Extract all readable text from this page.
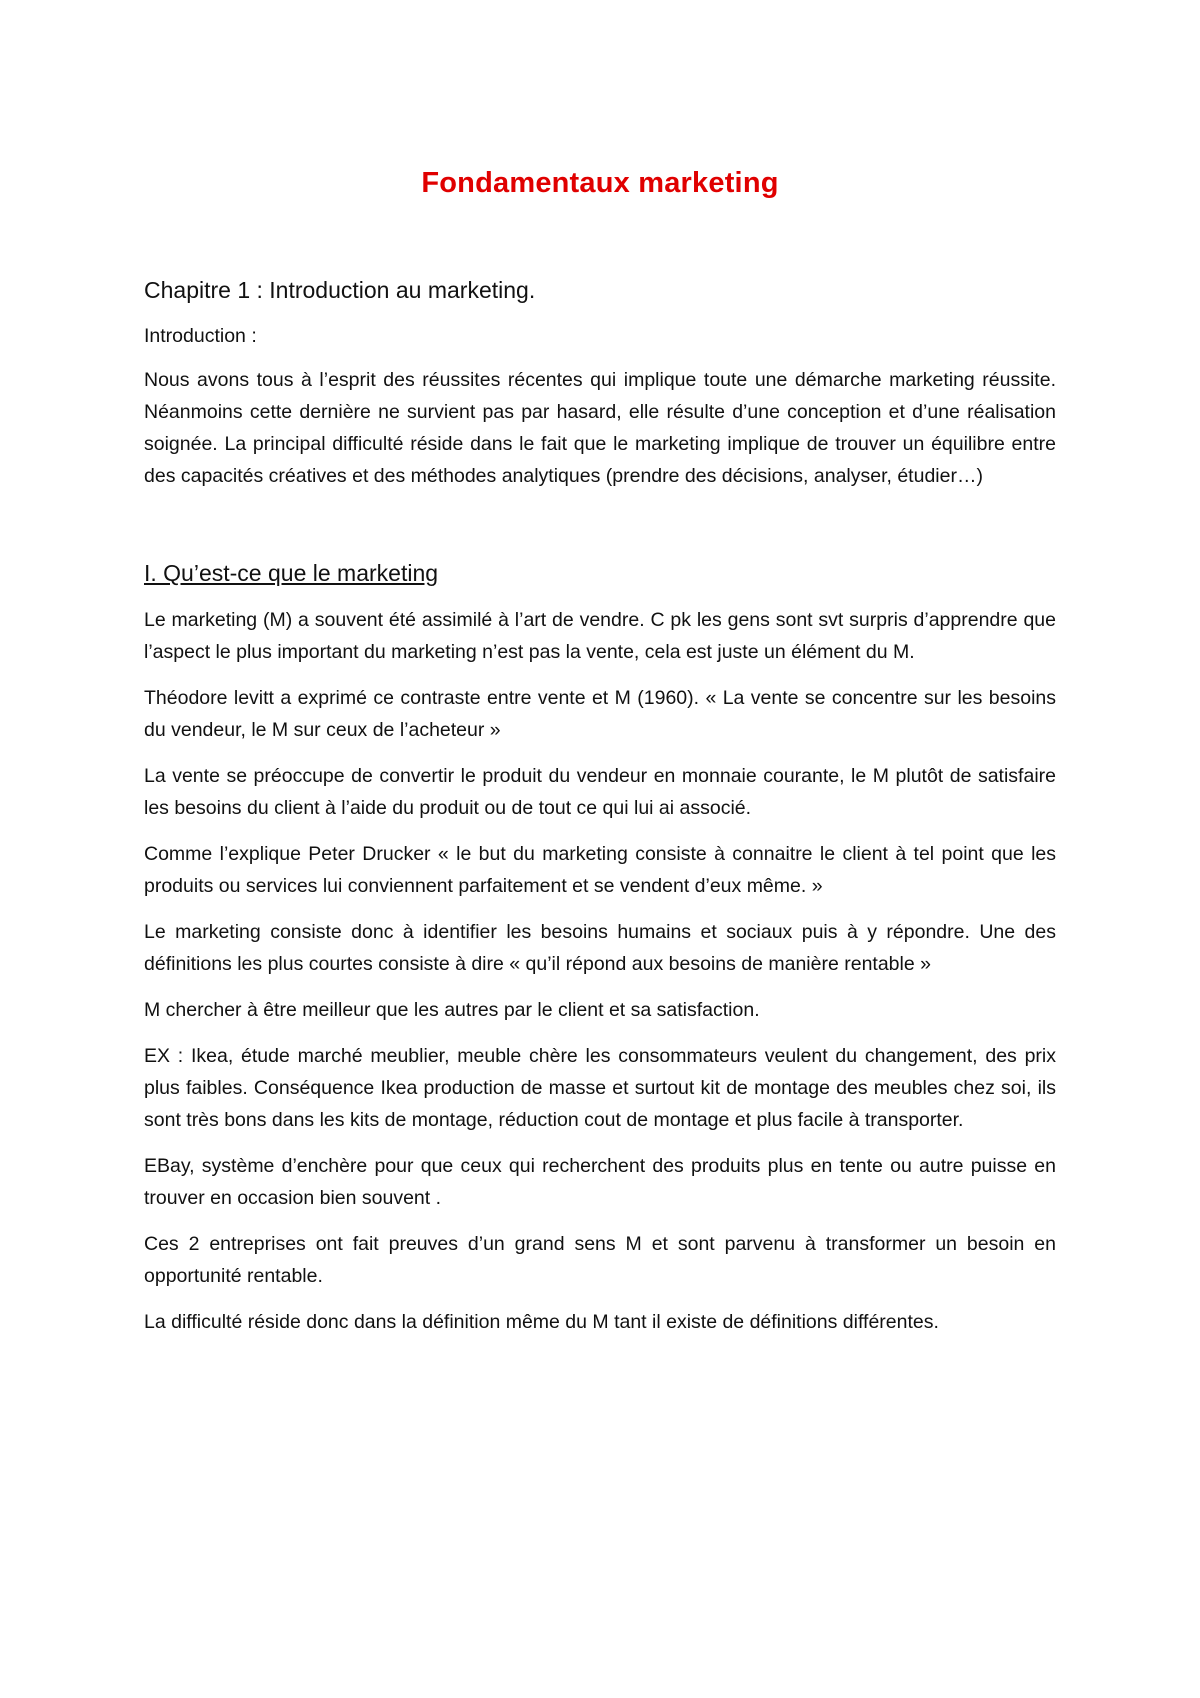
Fondamentaux marketing
Chapitre 1 : Introduction au marketing.
Introduction :

Nous avons tous à l’esprit des réussites récentes qui implique toute une démarche marketing réussite. Néanmoins cette dernière ne survient pas par hasard, elle résulte d’une conception et d’une réalisation soignée. La principal difficulté réside dans le fait que le marketing implique de trouver un équilibre entre des capacités créatives et des méthodes analytiques (prendre des décisions, analyser, étudier…)

I. Qu’est-ce que le marketing

Le marketing (M) a souvent été assimilé à l’art de vendre. C pk les gens sont svt surpris d’apprendre que l’aspect le plus important du marketing n’est pas la vente, cela est juste un élément du M.

Théodore levitt a exprimé ce contraste entre vente et M (1960). « La vente se concentre sur les besoins du vendeur, le M sur ceux de l’acheteur »

La vente se préoccupe de convertir le produit du vendeur en monnaie courante, le M plutôt de satisfaire les besoins du client à l’aide du produit ou de tout ce qui lui ai associé.

Comme l’explique Peter Drucker « le but du marketing consiste à connaitre le client à tel point que les produits ou services lui conviennent parfaitement et se vendent d’eux même. »

Le marketing consiste donc à identifier les besoins humains et sociaux puis à y répondre. Une des définitions les plus courtes consiste à dire « qu’il répond aux besoins de manière rentable »

M chercher à être meilleur que les autres par le client et sa satisfaction.

EX : Ikea, étude marché meublier, meuble chère les consommateurs veulent du changement, des prix plus faibles. Conséquence Ikea production de masse et surtout kit de montage des meubles chez soi, ils sont très bons dans les kits de montage, réduction cout de montage et plus facile à transporter.

EBay, système d’enchère pour que ceux qui recherchent des produits plus en tente ou autre puisse en trouver en occasion bien souvent .

Ces 2 entreprises ont fait preuves d’un grand sens M et sont parvenu à transformer un besoin en opportunité rentable.

La difficulté réside donc dans la définition même du M tant il existe de définitions différentes.
